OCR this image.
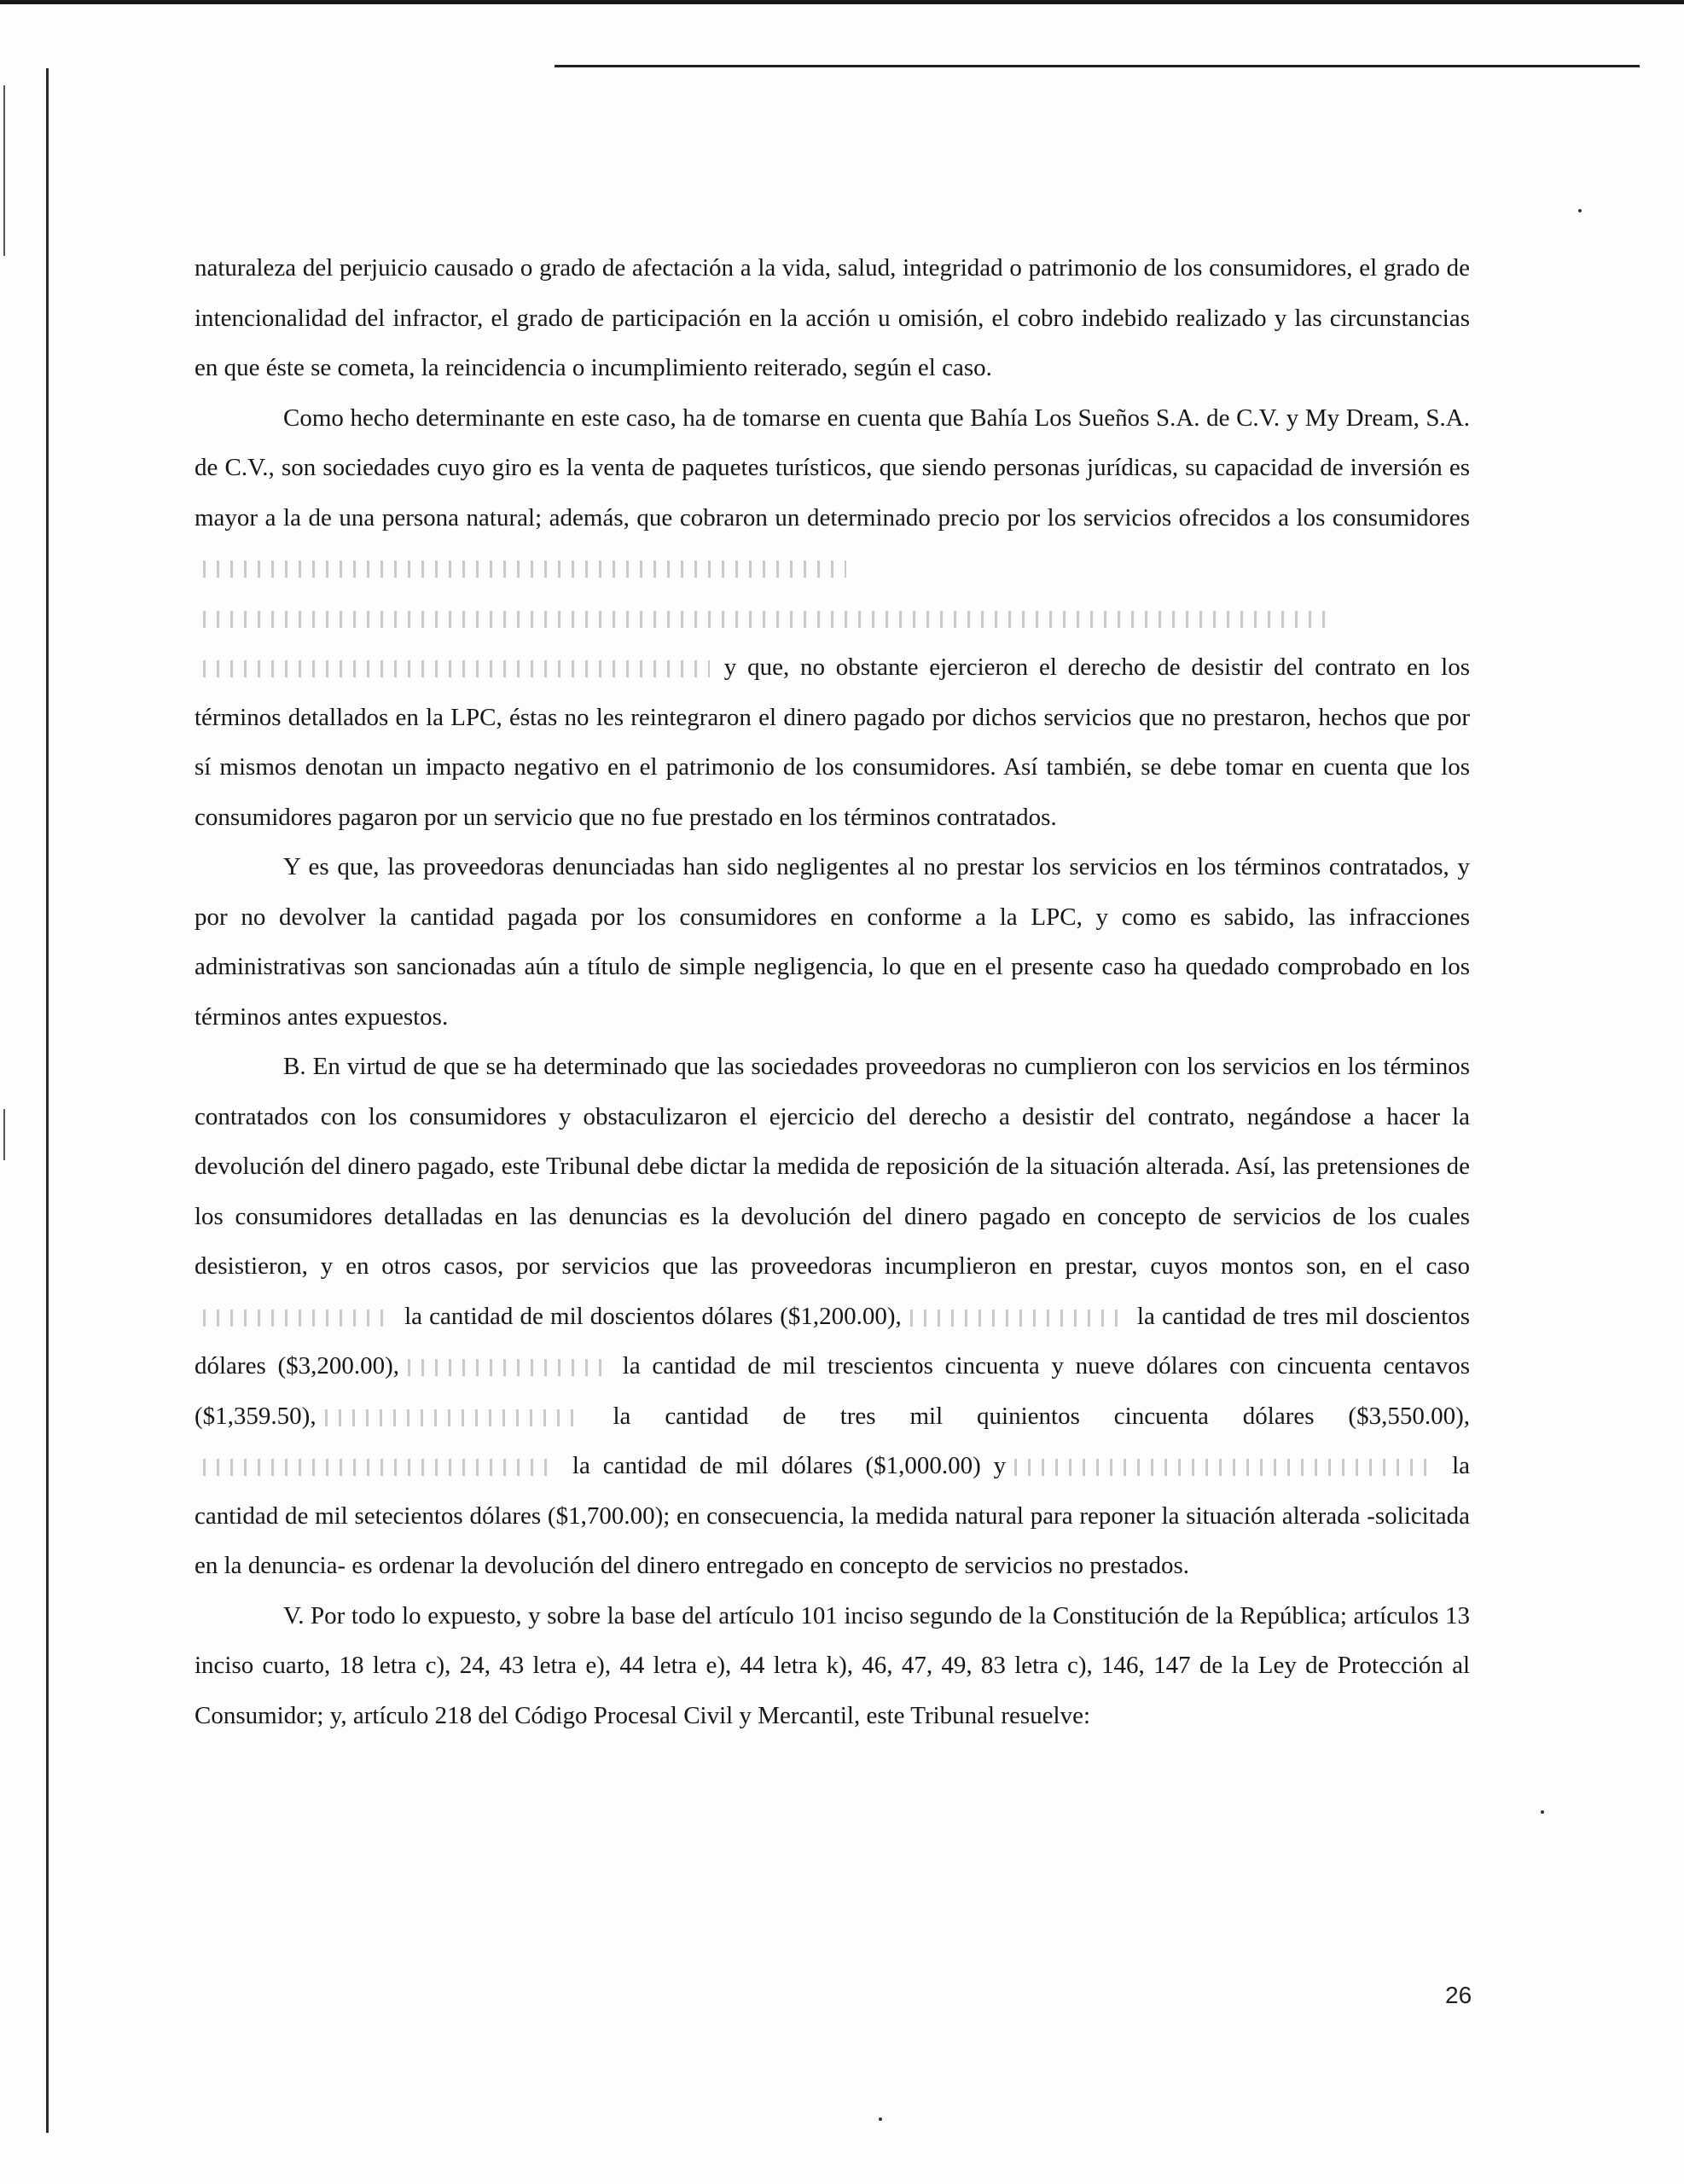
naturaleza del perjuicio causado o grado de afectación a la vida, salud, integridad o patrimonio de los consumidores, el grado de intencionalidad del infractor, el grado de participación en la acción u omisión, el cobro indebido realizado y las circunstancias en que éste se cometa, la reincidencia o incumplimiento reiterado, según el caso.

Como hecho determinante en este caso, ha de tomarse en cuenta que Bahía Los Sueños S.A. de C.V. y My Dream, S.A. de C.V., son sociedades cuyo giro es la venta de paquetes turísticos, que siendo personas jurídicas, su capacidad de inversión es mayor a la de una persona natural; además, que cobraron un determinado precio por los servicios ofrecidos a los consumidores y que, no obstante ejercieron el derecho de desistir del contrato en los términos detallados en la LPC, éstas no les reintegraron el dinero pagado por dichos servicios que no prestaron, hechos que por sí mismos denotan un impacto negativo en el patrimonio de los consumidores. Así también, se debe tomar en cuenta que los consumidores pagaron por un servicio que no fue prestado en los términos contratados.

Y es que, las proveedoras denunciadas han sido negligentes al no prestar los servicios en los términos contratados, y por no devolver la cantidad pagada por los consumidores en conforme a la LPC, y como es sabido, las infracciones administrativas son sancionadas aún a título de simple negligencia, lo que en el presente caso ha quedado comprobado en los términos antes expuestos.

B. En virtud de que se ha determinado que las sociedades proveedoras no cumplieron con los servicios en los términos contratados con los consumidores y obstaculizaron el ejercicio del derecho a desistir del contrato, negándose a hacer la devolución del dinero pagado, este Tribunal debe dictar la medida de reposición de la situación alterada. Así, las pretensiones de los consumidores detalladas en las denuncias es la devolución del dinero pagado en concepto de servicios de los cuales desistieron, y en otros casos, por servicios que las proveedoras incumplieron en prestar, cuyos montos son, en el caso la cantidad de mil doscientos dólares ($1,200.00),	la cantidad de tres mil doscientos dólares ($3,200.00),	la cantidad de mil trescientos cincuenta y nueve dólares con cincuenta centavos ($1,359.50),	la cantidad de tres mil quinientos cincuenta dólares ($3,550.00), la cantidad de mil dólares ($1,000.00) y	la cantidad de mil setecientos dólares ($1,700.00); en consecuencia, la medida natural para reponer la situación alterada -solicitada en la denuncia- es ordenar la devolución del dinero entregado en concepto de servicios no prestados.

V. Por todo lo expuesto, y sobre la base del artículo 101 inciso segundo de la Constitución de la República; artículos 13 inciso cuarto, 18 letra c), 24, 43 letra e), 44 letra e), 44 letra k), 46, 47, 49, 83 letra c), 146, 147 de la Ley de Protección al Consumidor; y, artículo 218 del Código Procesal Civil y Mercantil, este Tribunal resuelve:

26
